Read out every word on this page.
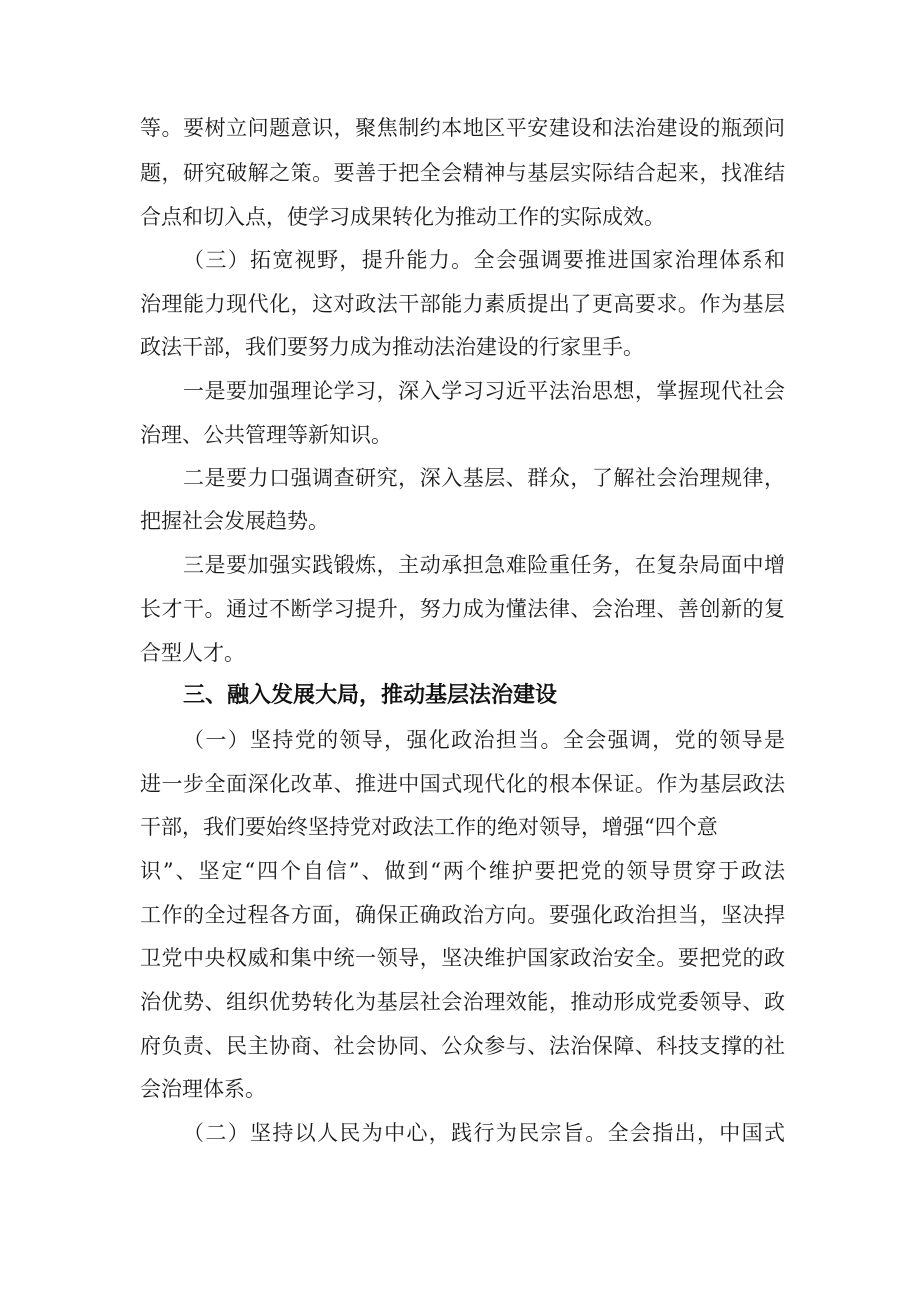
等。要树立问题意识，聚焦制约本地区平安建设和法治建设的瓶颈问
题，研究破解之策。要善于把全会精神与基层实际结合起来，找准结
合点和切入点，使学习成果转化为推动工作的实际成效。
（三）拓宽视野，提升能力。全会强调要推进国家治理体系和
治理能力现代化，这对政法干部能力素质提出了更高要求。作为基层
政法干部，我们要努力成为推动法治建设的行家里手。
一是要加强理论学习，深入学习习近平法治思想，掌握现代社会
治理、公共管理等新知识。
二是要力口强调查研究，深入基层、群众，了解社会治理规律，
把握社会发展趋势。
三是要加强实践锻炼，主动承担急难险重任务，在复杂局面中增
长才干。通过不断学习提升，努力成为懂法律、会治理、善创新的复
合型人才。
三、融入发展大局，推动基层法治建设
（一）坚持党的领导，强化政治担当。全会强调，党的领导是
进一步全面深化改革、推进中国式现代化的根本保证。作为基层政法
干部，我们要始终坚持党对政法工作的绝对领导，增强“四个意
识”、坚定“四个自信”、做到“两个维护要把党的领导贯穿于政法
工作的全过程各方面，确保正确政治方向。要强化政治担当，坚决捍
卫党中央权威和集中统一领导，坚决维护国家政治安全。要把党的政
治优势、组织优势转化为基层社会治理效能，推动形成党委领导、政
府负责、民主协商、社会协同、公众参与、法治保障、科技支撑的社
会治理体系。
（二）坚持以人民为中心，践行为民宗旨。全会指出，中国式
